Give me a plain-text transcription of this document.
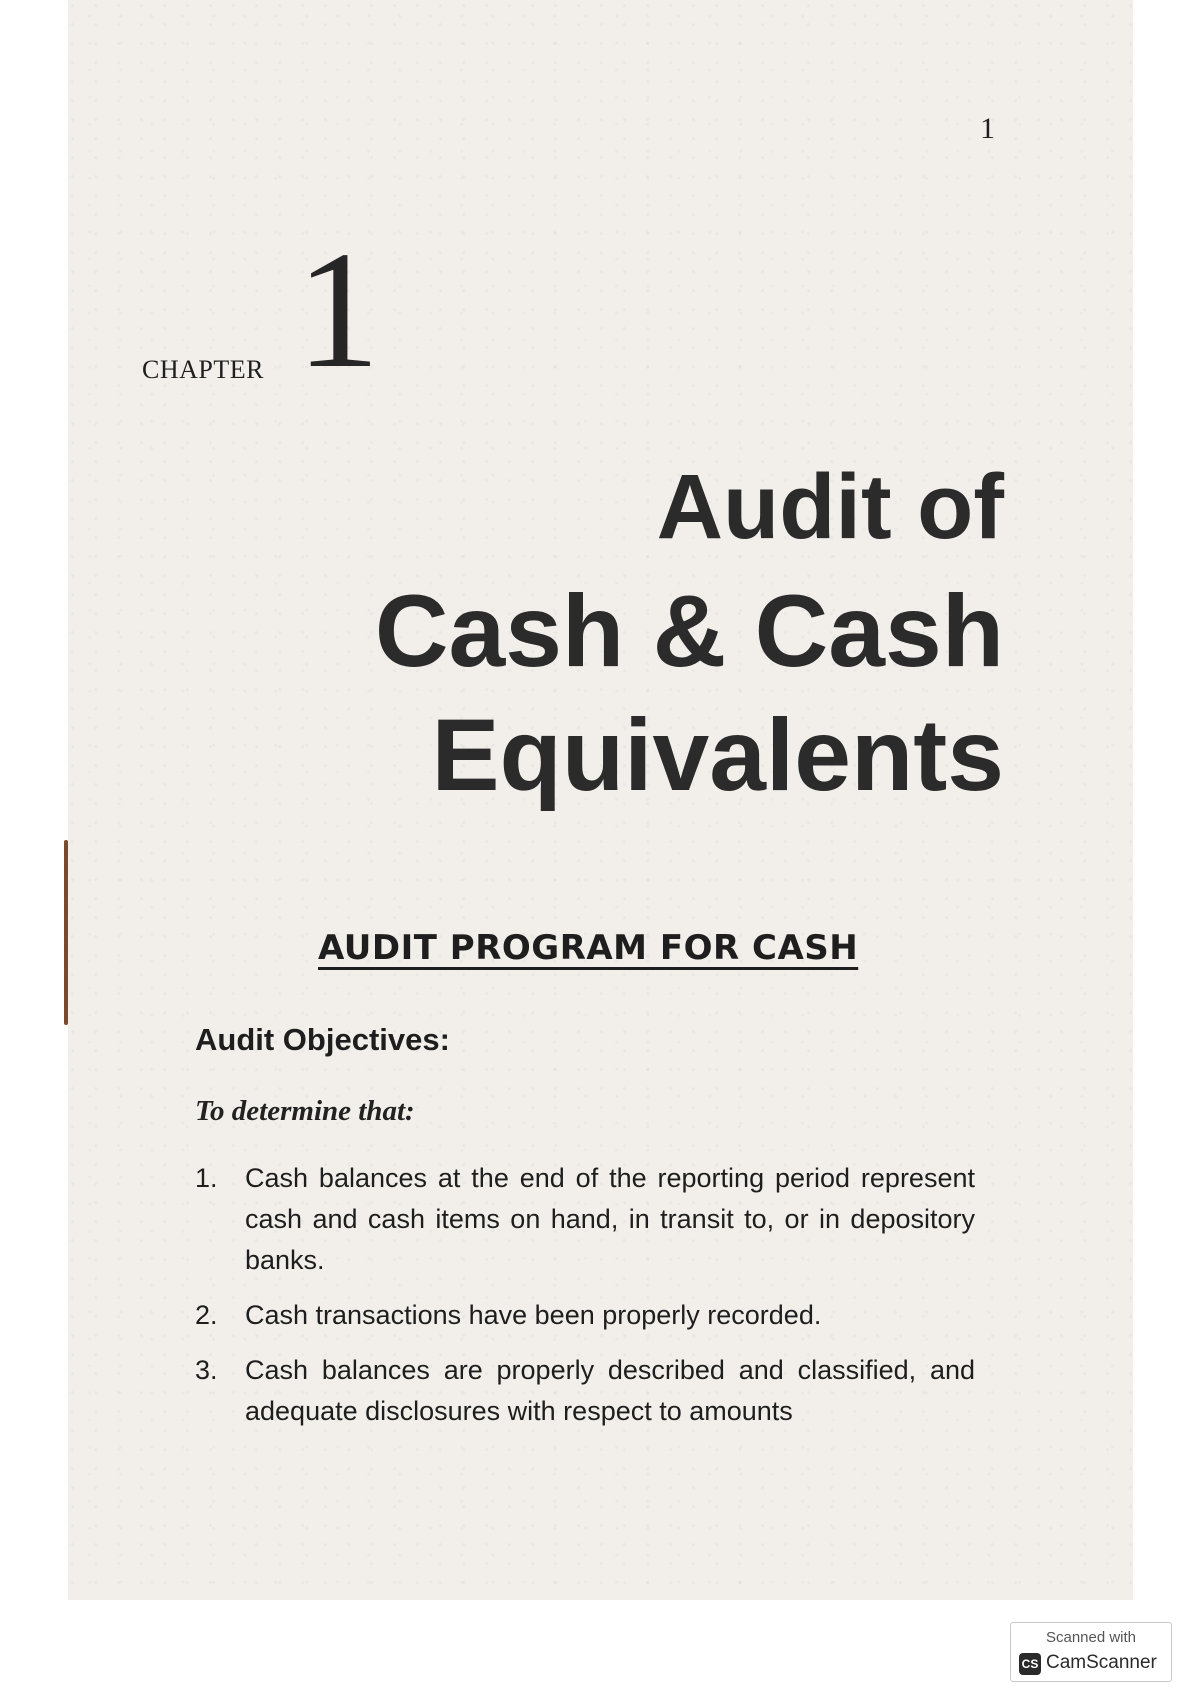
1
CHAPTER 1
Audit of
Cash & Cash
Equivalents
AUDIT PROGRAM FOR CASH
Audit Objectives:
To determine that:
1.	Cash balances at the end of the reporting period represent cash and cash items on hand, in transit to, or in depository banks.
2.	Cash transactions have been properly recorded.
3.	Cash balances are properly described and classified, and adequate disclosures with respect to amounts
Scanned with
CS CamScanner
